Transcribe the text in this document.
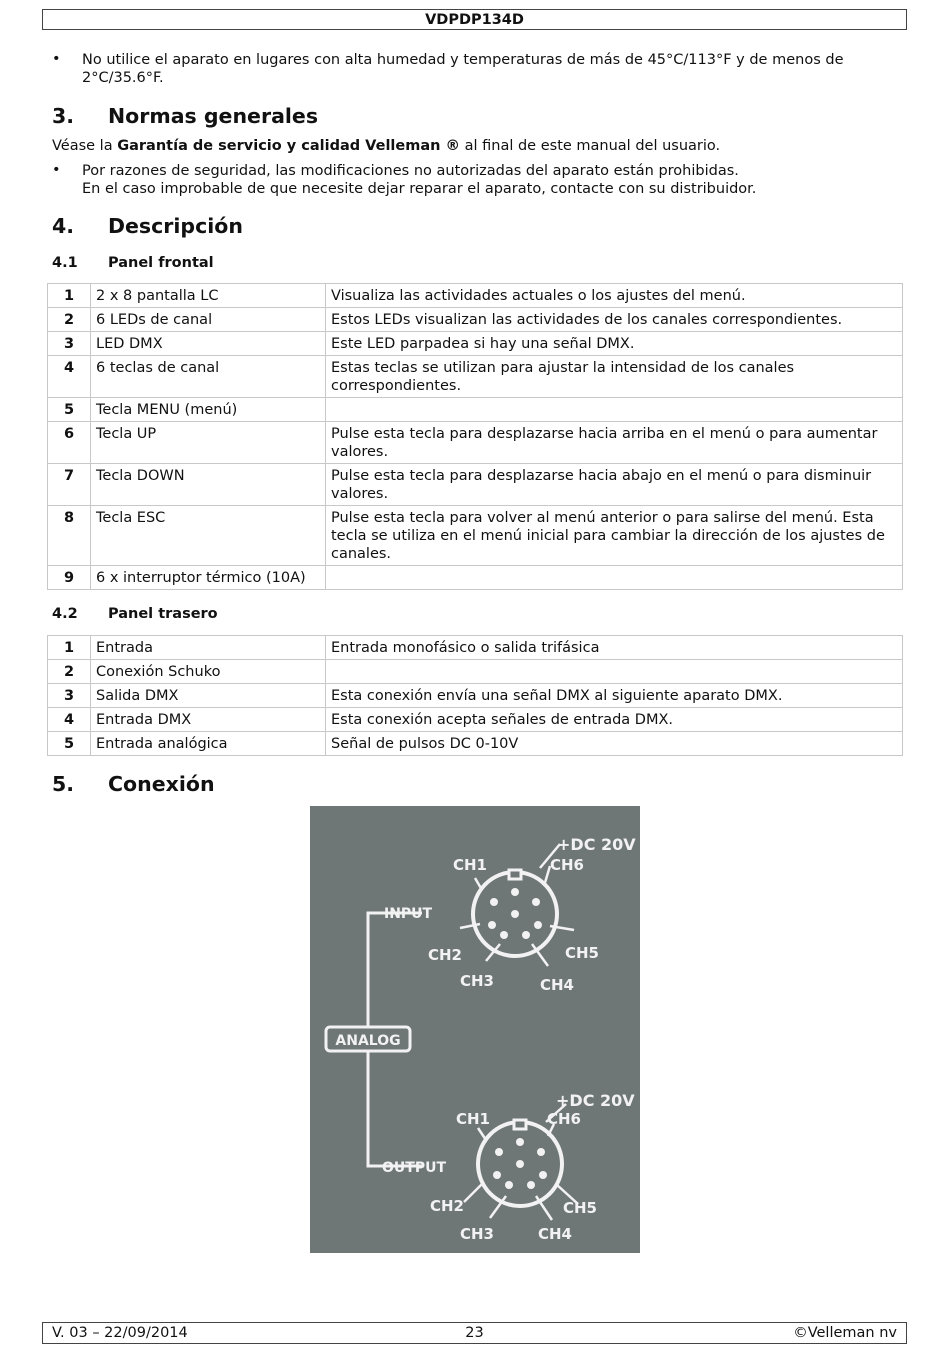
VDPDP134D
• No utilice el aparato en lugares con alta humedad y temperaturas de más de 45°C/113°F y de menos de 2°C/35.6°F.
3. Normas generales
Véase la Garantía de servicio y calidad Velleman ® al final de este manual del usuario.
• Por razones de seguridad, las modificaciones no autorizadas del aparato están prohibidas.
En el caso improbable de que necesite dejar reparar el aparato, contacte con su distribuidor.
4. Descripción
4.1 Panel frontal
1	2 x 8 pantalla LC	Visualiza las actividades actuales o los ajustes del menú.
2	6 LEDs de canal	Estos LEDs visualizan las actividades de los canales correspondientes.
3	LED DMX	Este LED parpadea si hay una señal DMX.
4	6 teclas de canal	Estas teclas se utilizan para ajustar la intensidad de los canales correspondientes.
5	Tecla MENU (menú)	
6	Tecla UP	Pulse esta tecla para desplazarse hacia arriba en el menú o para aumentar valores.
7	Tecla DOWN	Pulse esta tecla para desplazarse hacia abajo en el menú o para disminuir valores.
8	Tecla ESC	Pulse esta tecla para volver al menú anterior o para salirse del menú. Esta tecla se utiliza en el menú inicial para cambiar la dirección de los ajustes de canales.
9	6 x interruptor térmico (10A)	
4.2 Panel trasero
1	Entrada	Entrada monofásico o salida trifásica
2	Conexión Schuko	
3	Salida DMX	Esta conexión envía una señal DMX al siguiente aparato DMX.
4	Entrada DMX	Esta conexión acepta señales de entrada DMX.
5	Entrada analógica	Señal de pulsos DC 0-10V
5. Conexión
ANALOG
INPUT
OUTPUT
CH1	CH6
+DC 20V
CH2	CH5
CH3	CH4
CH1	CH6
+DC 20V
CH2	CH5
CH3	CH4
V. 03 – 22/09/2014	23	©Velleman nv
